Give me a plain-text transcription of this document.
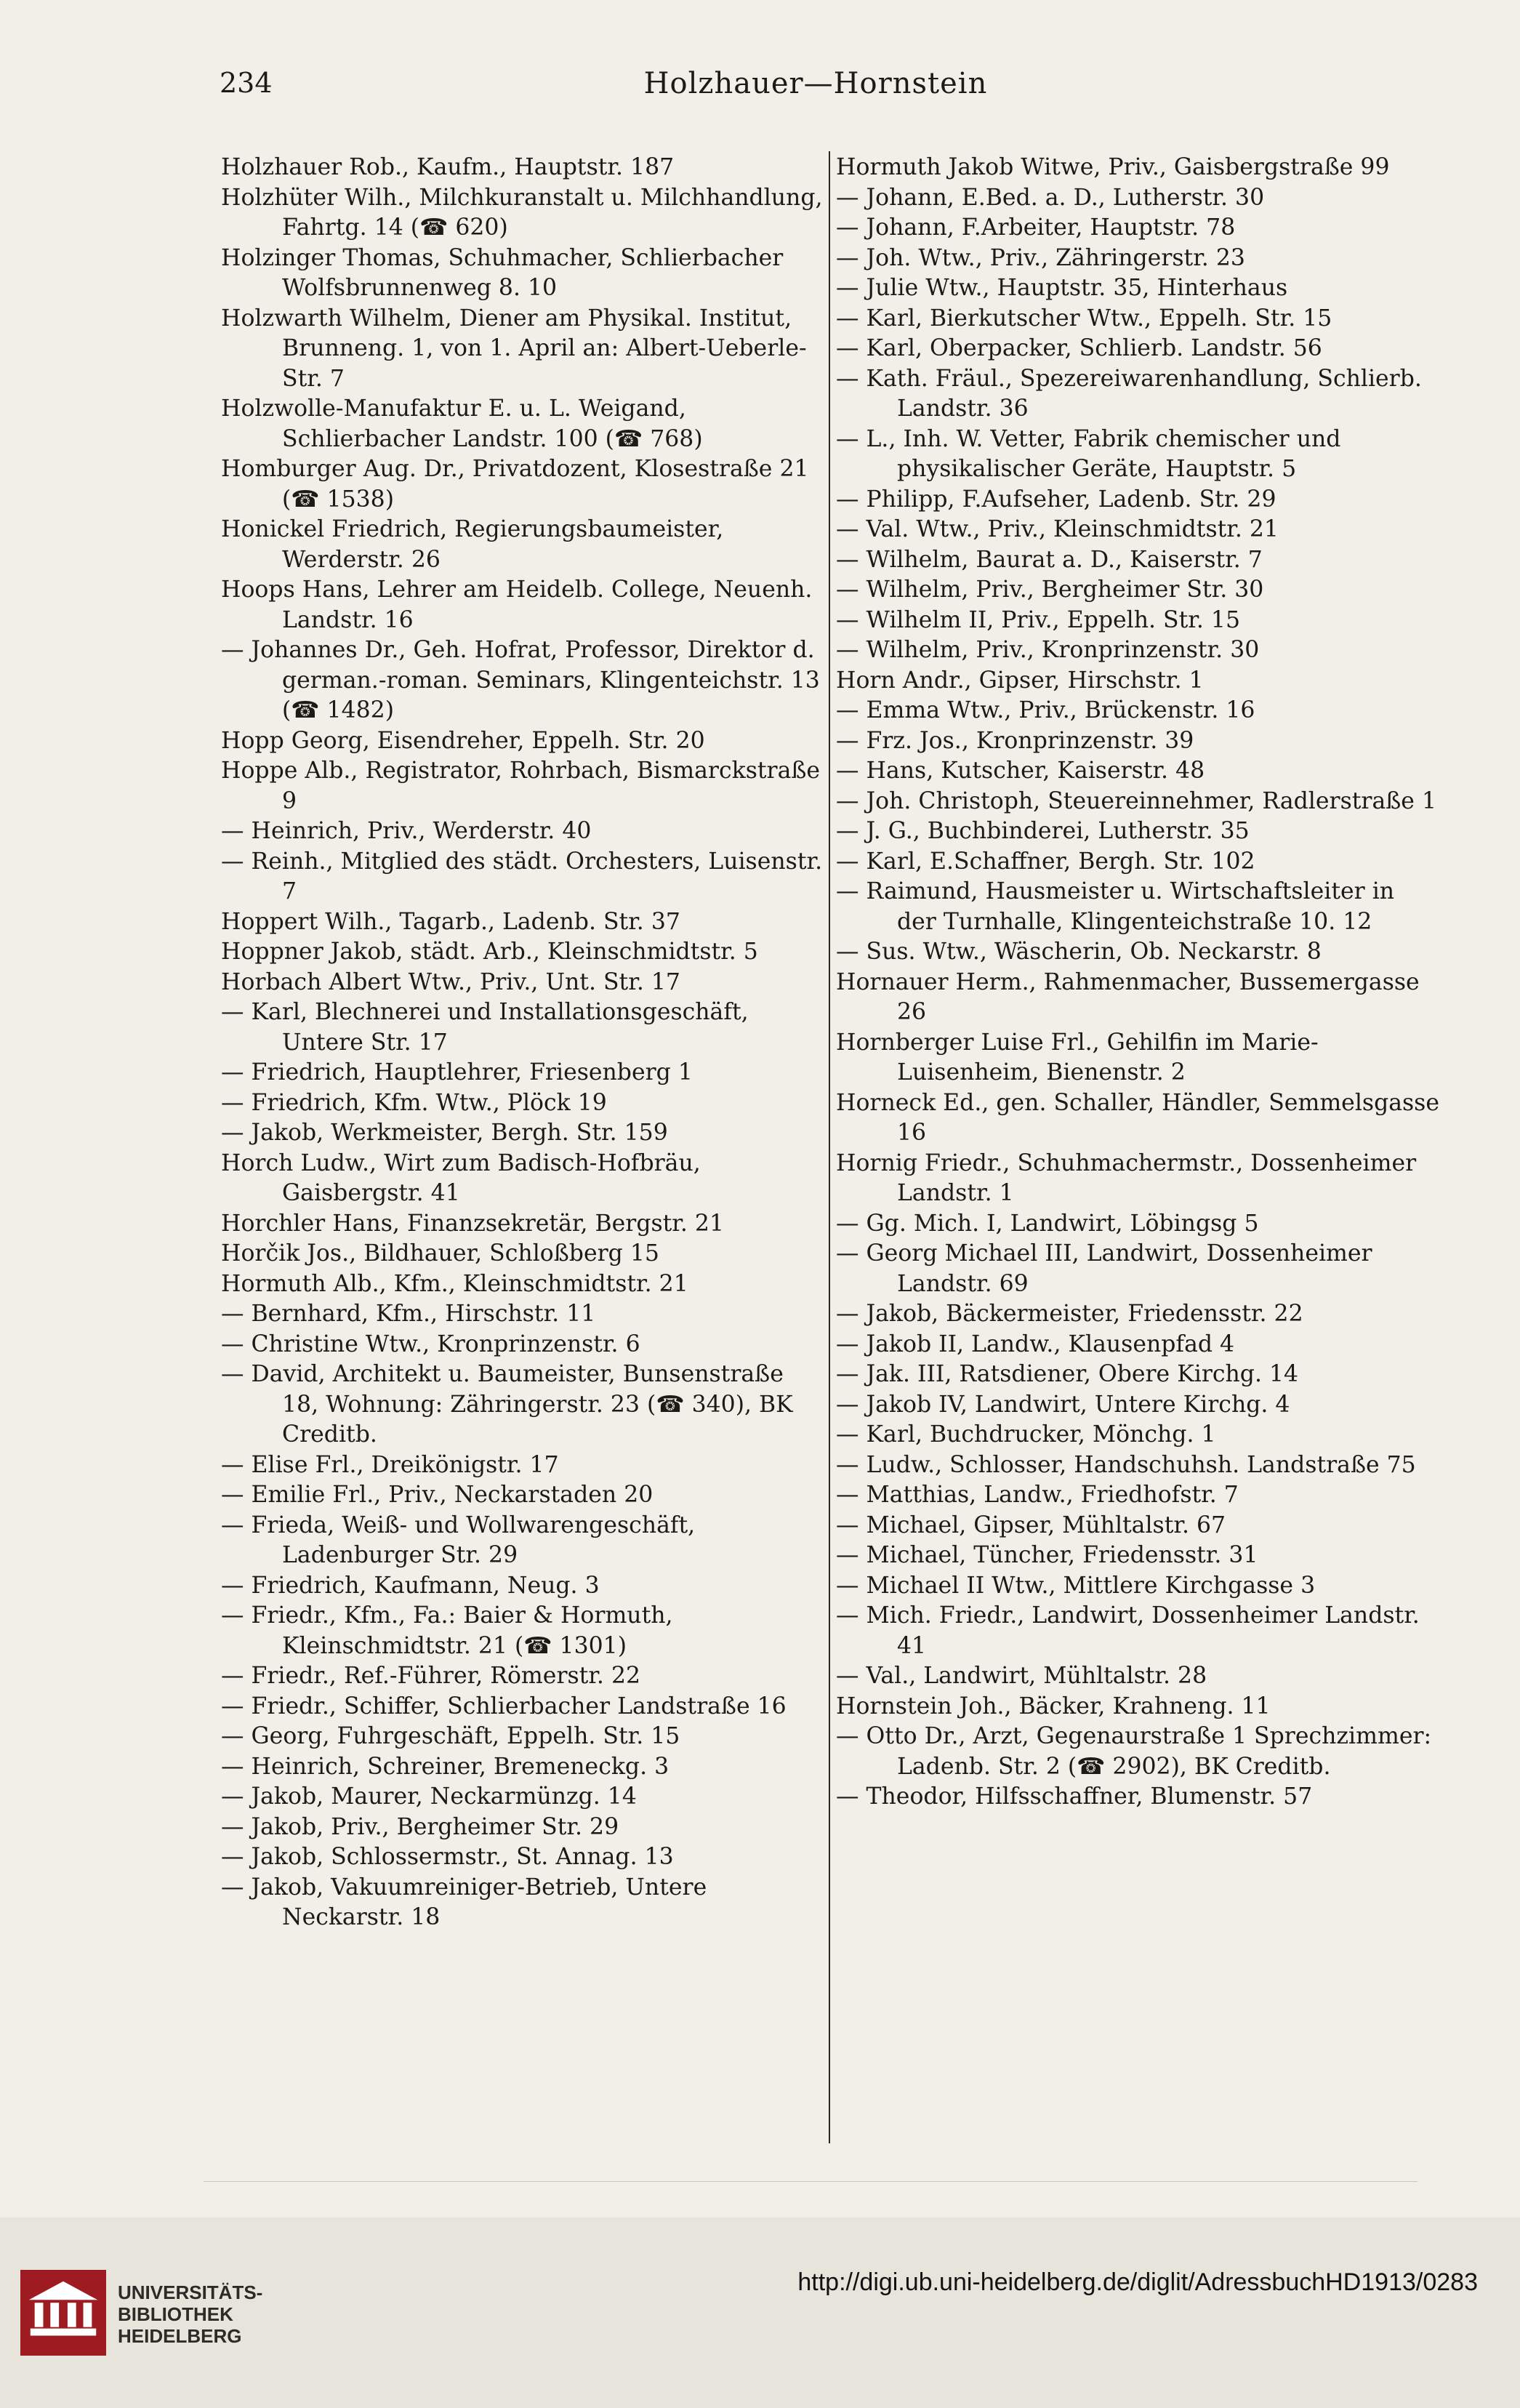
234	Holzhauer—Hornstein
Holzhauer Rob., Kaufm., Hauptstr. 187
Holzhüter Wilh., Milchkuranstalt u. Milchhandlung, Fahrtg. 14 (☎ 620)
Holzinger Thomas, Schuhmacher, Schlierbacher Wolfsbrunnenweg 8. 10
Holzwarth Wilhelm, Diener am Physikal. Institut, Brunneng. 1, von 1. April an: Albert-Ueberle-Str. 7
Holzwolle-Manufaktur E. u. L. Weigand, Schlierbacher Landstr. 100 (☎ 768)
Homburger Aug. Dr., Privatdozent, Klosestraße 21 (☎ 1538)
Honickel Friedrich, Regierungsbaumeister, Werderstr. 26
Hoops Hans, Lehrer am Heidelb. College, Neuenh. Landstr. 16
— Johannes Dr., Geh. Hofrat, Professor, Direktor d. german.-roman. Seminars, Klingenteichstr. 13 (☎ 1482)
Hopp Georg, Eisendreher, Eppelh. Str. 20
Hoppe Alb., Registrator, Rohrbach, Bismarckstraße 9
— Heinrich, Priv., Werderstr. 40
— Reinh., Mitglied des städt. Orchesters, Luisenstr. 7
Hoppert Wilh., Tagarb., Ladenb. Str. 37
Hoppner Jakob, städt. Arb., Kleinschmidtstr. 5
Horbach Albert Wtw., Priv., Unt. Str. 17
— Karl, Blechnerei und Installationsgeschäft, Untere Str. 17
— Friedrich, Hauptlehrer, Friesenberg 1
— Friedrich, Kfm. Wtw., Plöck 19
— Jakob, Werkmeister, Bergh. Str. 159
Horch Ludw., Wirt zum Badisch-Hofbräu, Gaisbergstr. 41
Horchler Hans, Finanzsekretär, Bergstr. 21
Horčik Jos., Bildhauer, Schloßberg 15
Hormuth Alb., Kfm., Kleinschmidtstr. 21
— Bernhard, Kfm., Hirschstr. 11
— Christine Wtw., Kronprinzenstr. 6
— David, Architekt u. Baumeister, Bunsenstraße 18, Wohnung: Zähringerstr. 23 (☎ 340), BK Creditb.
— Elise Frl., Dreikönigstr. 17
— Emilie Frl., Priv., Neckarstaden 20
— Frieda, Weiß- und Wollwarengeschäft, Ladenburger Str. 29
— Friedrich, Kaufmann, Neug. 3
— Friedr., Kfm., Fa.: Baier & Hormuth, Kleinschmidtstr. 21 (☎ 1301)
— Friedr., Ref.-Führer, Römerstr. 22
— Friedr., Schiffer, Schlierbacher Landstraße 16
— Georg, Fuhrgeschäft, Eppelh. Str. 15
— Heinrich, Schreiner, Bremeneckg. 3
— Jakob, Maurer, Neckarmünzg. 14
— Jakob, Priv., Bergheimer Str. 29
— Jakob, Schlossermstr., St. Annag. 13
— Jakob, Vakuumreiniger-Betrieb, Untere Neckarstr. 18
Hormuth Jakob Witwe, Priv., Gaisbergstraße 99
— Johann, E.Bed. a. D., Lutherstr. 30
— Johann, F.Arbeiter, Hauptstr. 78
— Joh. Wtw., Priv., Zähringerstr. 23
— Julie Wtw., Hauptstr. 35, Hinterhaus
— Karl, Bierkutscher Wtw., Eppelh. Str. 15
— Karl, Oberpacker, Schlierb. Landstr. 56
— Kath. Fräul., Spezereiwarenhandlung, Schlierb. Landstr. 36
— L., Inh. W. Vetter, Fabrik chemischer und physikalischer Geräte, Hauptstr. 5
— Philipp, F.Aufseher, Ladenb. Str. 29
— Val. Wtw., Priv., Kleinschmidtstr. 21
— Wilhelm, Baurat a. D., Kaiserstr. 7
— Wilhelm, Priv., Bergheimer Str. 30
— Wilhelm II, Priv., Eppelh. Str. 15
— Wilhelm, Priv., Kronprinzenstr. 30
Horn Andr., Gipser, Hirschstr. 1
— Emma Wtw., Priv., Brückenstr. 16
— Frz. Jos., Kronprinzenstr. 39
— Hans, Kutscher, Kaiserstr. 48
— Joh. Christoph, Steuereinnehmer, Radlerstraße 1
— J. G., Buchbinderei, Lutherstr. 35
— Karl, E.Schaffner, Bergh. Str. 102
— Raimund, Hausmeister u. Wirtschaftsleiter in der Turnhalle, Klingenteichstraße 10. 12
— Sus. Wtw., Wäscherin, Ob. Neckarstr. 8
Hornauer Herm., Rahmenmacher, Bussemergasse 26
Hornberger Luise Frl., Gehilfin im Marie-Luisenheim, Bienenstr. 2
Horneck Ed., gen. Schaller, Händler, Semmelsgasse 16
Hornig Friedr., Schuhmachermstr., Dossenheimer Landstr. 1
— Gg. Mich. I, Landwirt, Löbingsg 5
— Georg Michael III, Landwirt, Dossenheimer Landstr. 69
— Jakob, Bäckermeister, Friedensstr. 22
— Jakob II, Landw., Klausenpfad 4
— Jak. III, Ratsdiener, Obere Kirchg. 14
— Jakob IV, Landwirt, Untere Kirchg. 4
— Karl, Buchdrucker, Mönchg. 1
— Ludw., Schlosser, Handschuhsh. Landstraße 75
— Matthias, Landw., Friedhofstr. 7
— Michael, Gipser, Mühltalstr. 67
— Michael, Tüncher, Friedensstr. 31
— Michael II Wtw., Mittlere Kirchgasse 3
— Mich. Friedr., Landwirt, Dossenheimer Landstr. 41
— Val., Landwirt, Mühltalstr. 28
Hornstein Joh., Bäcker, Krahneng. 11
— Otto Dr., Arzt, Gegenaurstraße 1 Sprechzimmer: Ladenb. Str. 2 (☎ 2902), BK Creditb.
— Theodor, Hilfsschaffner, Blumenstr. 57
UNIVERSITÄTS-
BIBLIOTHEK
HEIDELBERG
http://digi.ub.uni-heidelberg.de/diglit/AdressbuchHD1913/0283
